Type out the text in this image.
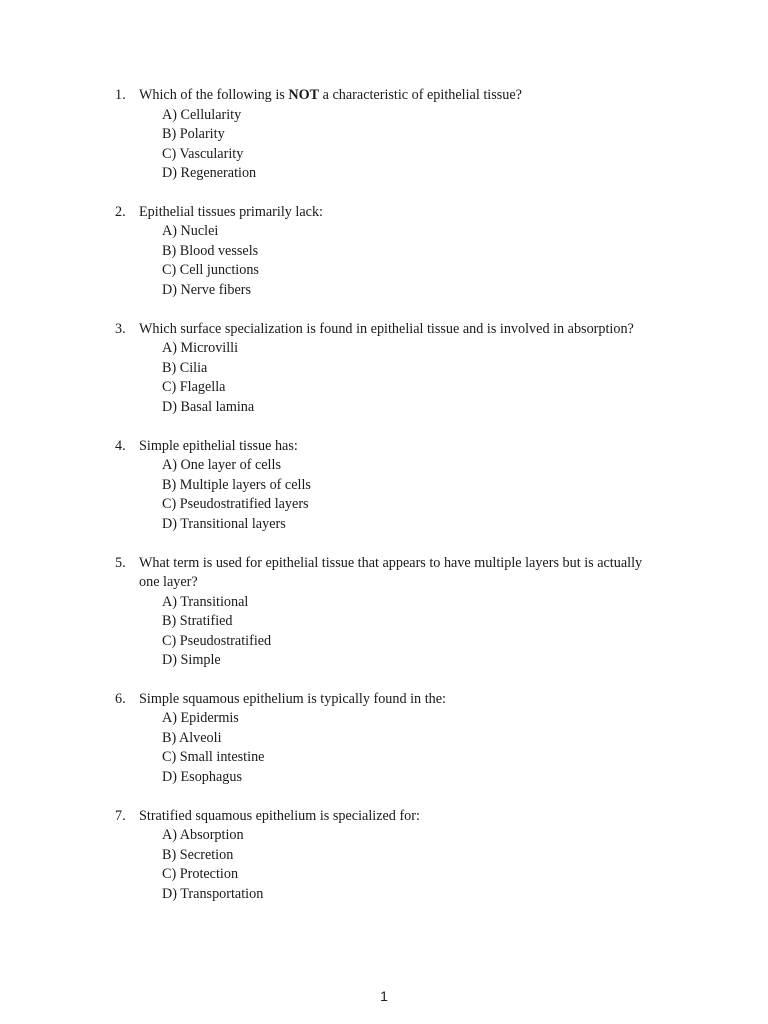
1. Which of the following is NOT a characteristic of epithelial tissue?
A) Cellularity
B) Polarity
C) Vascularity
D) Regeneration
2. Epithelial tissues primarily lack:
A) Nuclei
B) Blood vessels
C) Cell junctions
D) Nerve fibers
3. Which surface specialization is found in epithelial tissue and is involved in absorption?
A) Microvilli
B) Cilia
C) Flagella
D) Basal lamina
4. Simple epithelial tissue has:
A) One layer of cells
B) Multiple layers of cells
C) Pseudostratified layers
D) Transitional layers
5. What term is used for epithelial tissue that appears to have multiple layers but is actually one layer?
A) Transitional
B) Stratified
C) Pseudostratified
D) Simple
6. Simple squamous epithelium is typically found in the:
A) Epidermis
B) Alveoli
C) Small intestine
D) Esophagus
7. Stratified squamous epithelium is specialized for:
A) Absorption
B) Secretion
C) Protection
D) Transportation
1
